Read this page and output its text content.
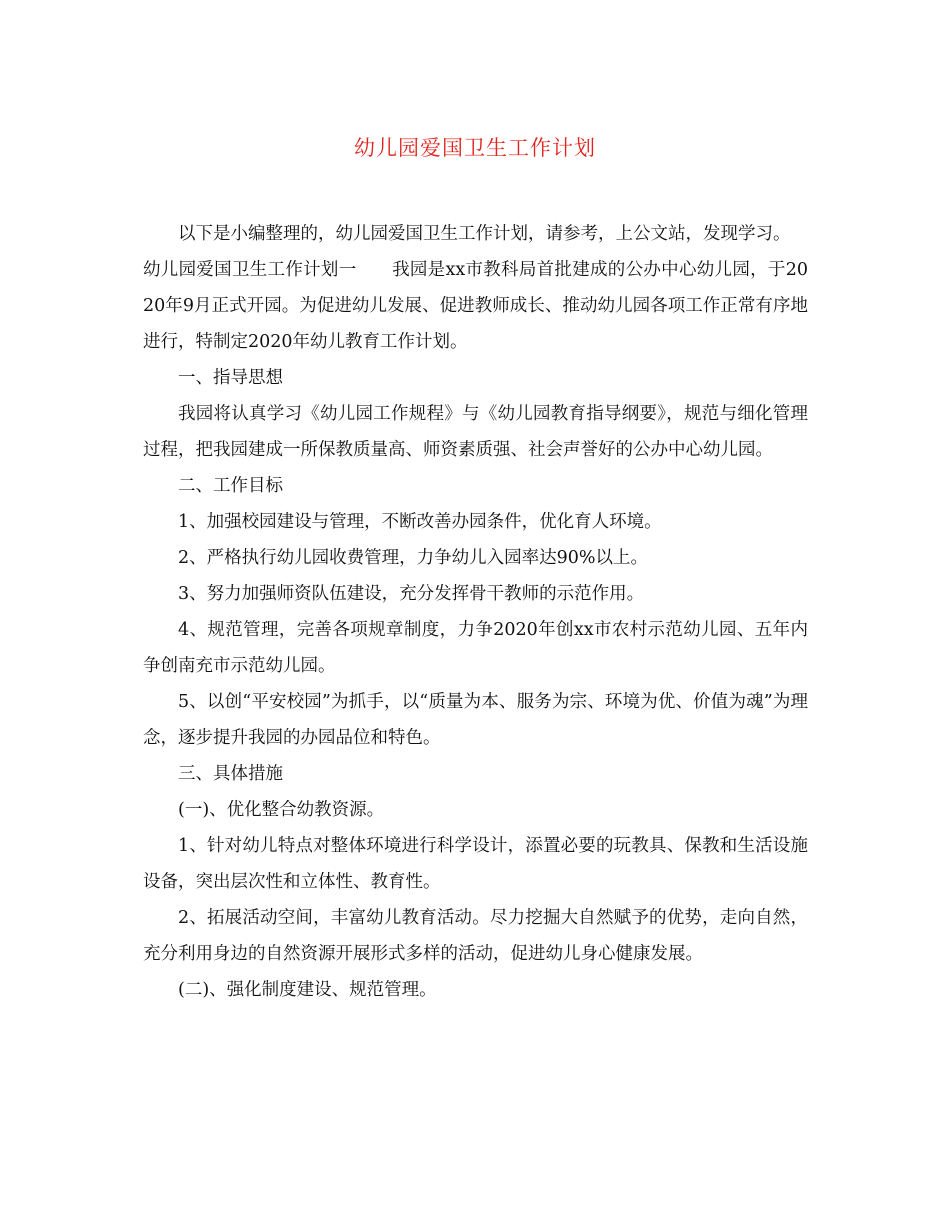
幼儿园爱国卫生工作计划

以下是小编整理的，幼儿园爱国卫生工作计划，请参考，上公文站，发现学习。

幼儿园爱国卫生工作计划一　　我园是xx市教科局首批建成的公办中心幼儿园，于2020年9月正式开园。为促进幼儿发展、促进教师成长、推动幼儿园各项工作正常有序地进行，特制定2020年幼儿教育工作计划。

一、指导思想

我园将认真学习《幼儿园工作规程》与《幼儿园教育指导纲要》，规范与细化管理过程，把我园建成一所保教质量高、师资素质强、社会声誉好的公办中心幼儿园。

二、工作目标

1、加强校园建设与管理，不断改善办园条件，优化育人环境。

2、严格执行幼儿园收费管理，力争幼儿入园率达90%以上。

3、努力加强师资队伍建设，充分发挥骨干教师的示范作用。

4、规范管理，完善各项规章制度，力争2020年创xx市农村示范幼儿园、五年内争创南充市示范幼儿园。

5、以创“平安校园”为抓手，以“质量为本、服务为宗、环境为优、价值为魂”为理念，逐步提升我园的办园品位和特色。

三、具体措施

(一)、优化整合幼教资源。

1、针对幼儿特点对整体环境进行科学设计，添置必要的玩教具、保教和生活设施设备，突出层次性和立体性、教育性。

2、拓展活动空间，丰富幼儿教育活动。尽力挖掘大自然赋予的优势，走向自然，充分利用身边的自然资源开展形式多样的活动，促进幼儿身心健康发展。

(二)、强化制度建设、规范管理。
